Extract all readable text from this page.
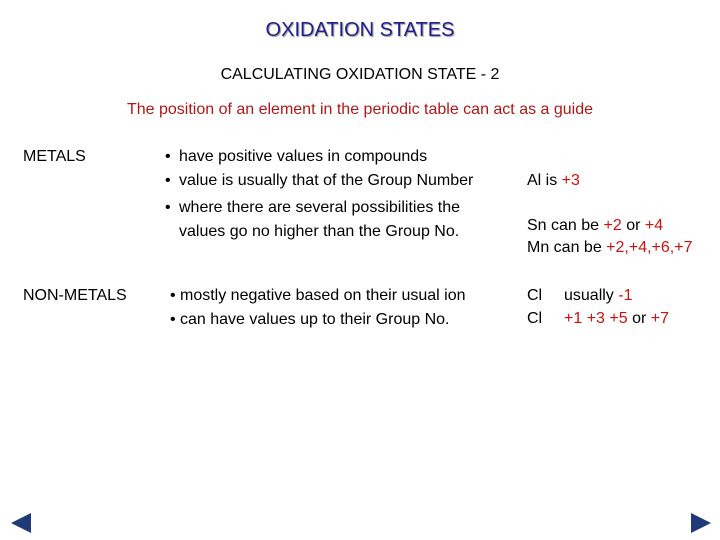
OXIDATION STATES
CALCULATING OXIDATION STATE - 2
The position of an element in the periodic table can act as a guide
METALS	• have positive values in compounds
• value is usually that of the Group Number
• where there are several possibilities the
values go no higher than the Group No.
Al is +3
Sn can be +2 or +4
Mn can be +2,+4,+6,+7
NON-METALS	• mostly negative based on their usual ion
• can have values up to their Group No.
Cl usually -1
Cl +1 +3 +5 or +7
